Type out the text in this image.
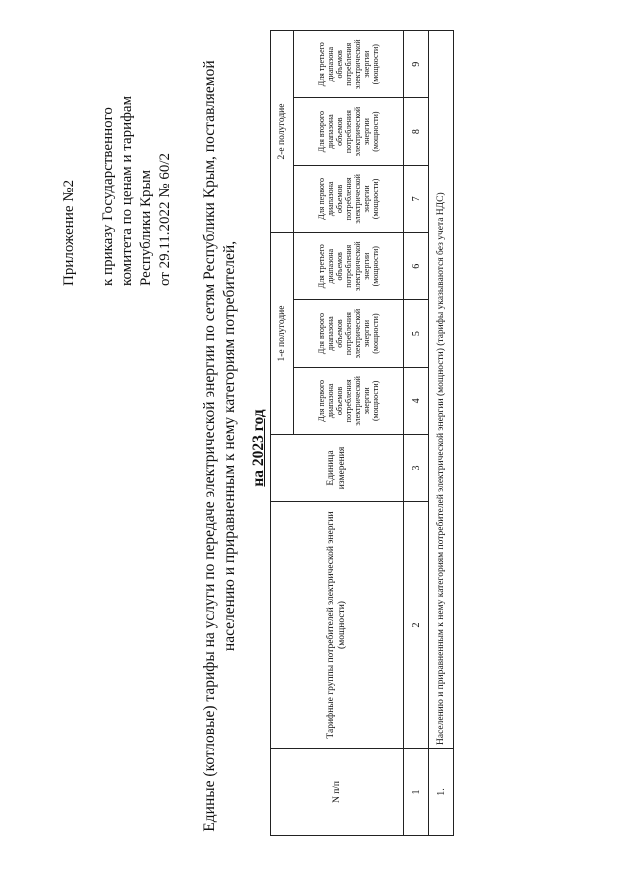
Приложение №2 к приказу Государственного комитета по ценам и тарифам Республики Крым от 29.11.2022 № 60/2 Единые (котловые) тарифы на услуги по передаче электрической энергии по сетям Республики Крым, поставляемой населению и приравненным к нему категориям потребителей, на 2023 год
N п/п	Тарифные группы потребителей электрической энергии (мощности)	Единица измерения	1-е полугодие			2-е полугодие		
			Для первого диапазона объемов потребления электрической энергии (мощности)	Для второго диапазона объемов потребления электрической энергии (мощности)	Для третьего диапазона объемов потребления электрической энергии (мощности)	Для первого диапазона объемов потребления электрической энергии (мощности)	Для второго диапазона объемов потребления электрической энергии (мощности)	Для третьего диапазона объемов потребления электрической энергии (мощности)
1	2	3	4	5	6	7	8	9
1.	Населению и приравненным к нему категориям потребителей электрической энергии (мощности) (тарифы указываются без учета НДС)							
